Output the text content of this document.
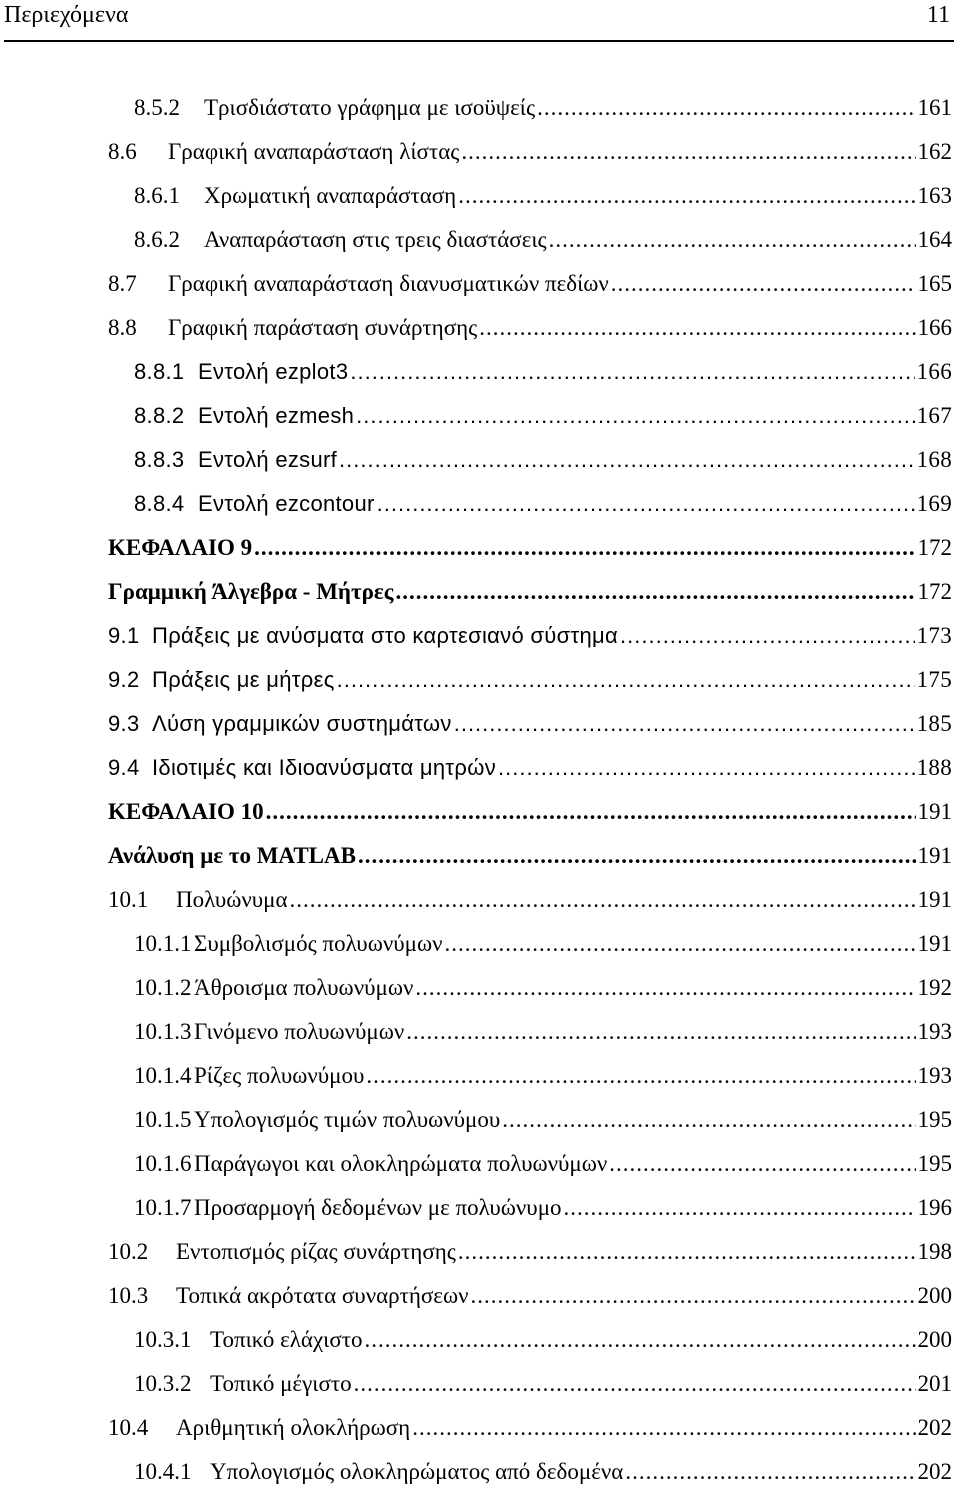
Περιεχόμενα	11
8.5.2	Τρισδιάστατο γράφημα με ισοϋψείς .....	161
8.6	Γραφική αναπαράσταση λίστας .....	162
8.6.1	Χρωματική αναπαράσταση .....	163
8.6.2	Αναπαράσταση στις τρεις διαστάσεις .....	164
8.7	Γραφική αναπαράσταση διανυσματικών πεδίων .....	165
8.8	Γραφική παράσταση συνάρτησης .....	166
8.8.1 Εντολή ezplot3 .....	166
8.8.2 Εντολή ezmesh .....	167
8.8.3 Εντολή ezsurf .....	168
8.8.4 Εντολή ezcontour .....	169
ΚΕΦΑΛΑΙΟ 9 .....	172
Γραμμική Άλγεβρα - Μήτρες .....	172
9.1 Πράξεις με ανύσματα στο καρτεσιανό σύστημα .....	173
9.2 Πράξεις με μήτρες .....	175
9.3 Λύση γραμμικών συστημάτων .....	185
9.4 Ιδιοτιμές και Ιδιοανύσματα μητρών .....	188
ΚΕΦΑΛΑΙΟ 10 .....	191
Ανάλυση με το MATLAB .....	191
10.1	Πολυώνυμα .....	191
10.1.1 Συμβολισμός πολυωνύμων .....	191
10.1.2 Άθροισμα πολυωνύμων .....	192
10.1.3 Γινόμενο πολυωνύμων .....	193
10.1.4 Ρίζες πολυωνύμου .....	193
10.1.5 Υπολογισμός τιμών πολυωνύμου .....	195
10.1.6 Παράγωγοι και ολοκληρώματα πολυωνύμων .....	195
10.1.7 Προσαρμογή δεδομένων με πολυώνυμο .....	196
10.2	Εντοπισμός ρίζας συνάρτησης .....	198
10.3	Τοπικά ακρότατα συναρτήσεων .....	200
10.3.1 Τοπικό ελάχιστο .....	200
10.3.2 Τοπικό μέγιστο .....	201
10.4	Αριθμητική ολοκλήρωση .....	202
10.4.1 Υπολογισμός ολοκληρώματος από δεδομένα .....	202
